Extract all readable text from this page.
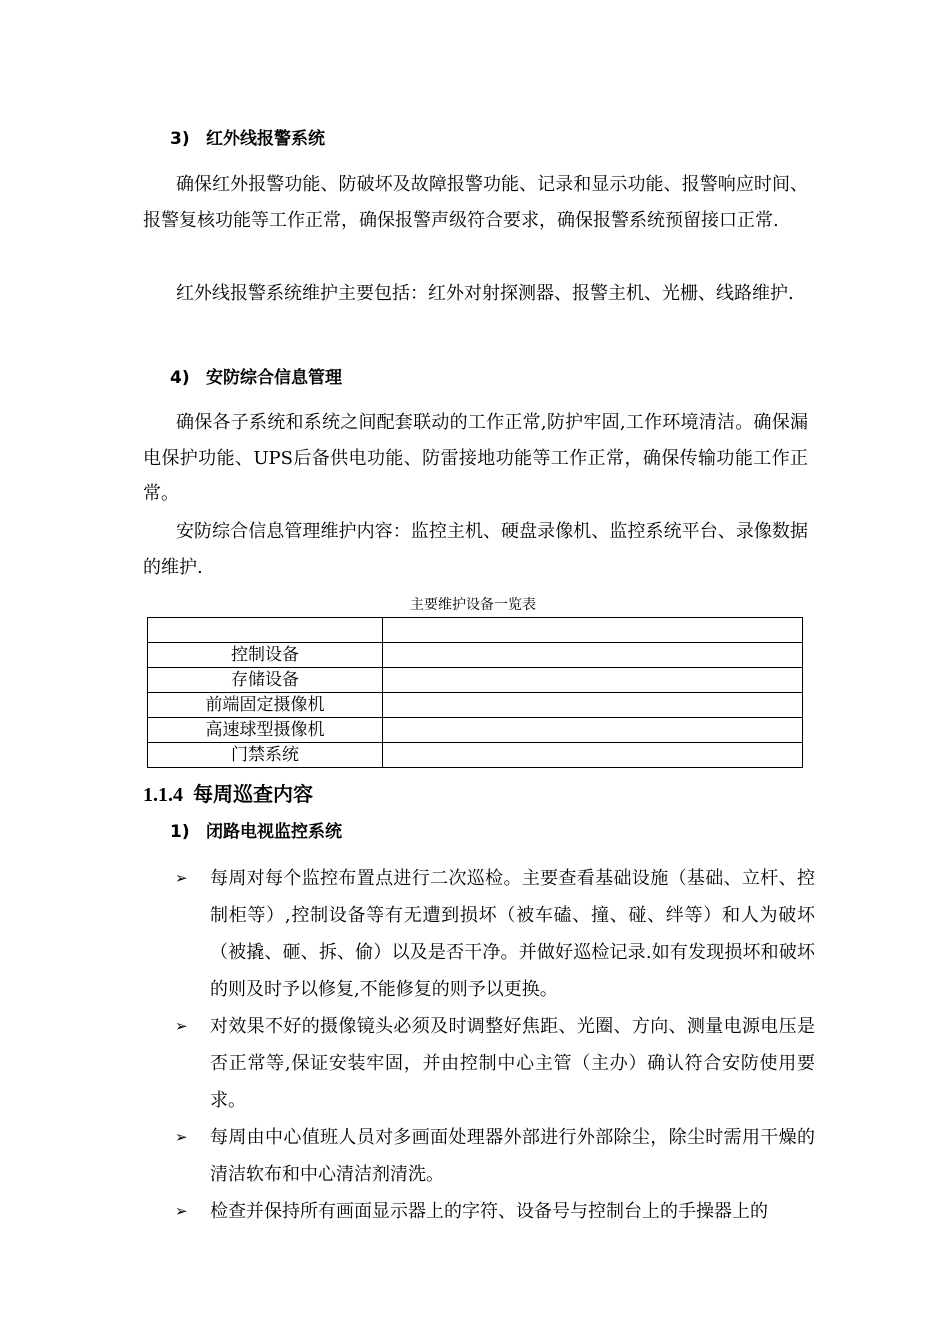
3) 红外线报警系统
确保红外报警功能、防破坏及故障报警功能、记录和显示功能、报警响应时间、报警复核功能等工作正常，确保报警声级符合要求，确保报警系统预留接口正常.
红外线报警系统维护主要包括：红外对射探测器、报警主机、光栅、线路维护.
4) 安防综合信息管理
确保各子系统和系统之间配套联动的工作正常,防护牢固,工作环境清洁。确保漏电保护功能、UPS后备供电功能、防雷接地功能等工作正常，确保传输功能工作正常。
安防综合信息管理维护内容：监控主机、硬盘录像机、监控系统平台、录像数据的维护.
主要维护设备一览表

控制设备	
存储设备	
前端固定摄像机	
高速球型摄像机	
门禁系统	
1.1.4 每周巡查内容
1) 闭路电视监控系统
➢ 每周对每个监控布置点进行二次巡检。主要查看基础设施（基础、立杆、控制柜等）,控制设备等有无遭到损坏（被车磕、撞、碰、绊等）和人为破坏（被撬、砸、拆、偷）以及是否干净。并做好巡检记录.如有发现损坏和破坏的则及时予以修复,不能修复的则予以更换。
➢ 对效果不好的摄像镜头必须及时调整好焦距、光圈、方向、测量电源电压是否正常等,保证安装牢固，并由控制中心主管（主办）确认符合安防使用要求。
➢ 每周由中心值班人员对多画面处理器外部进行外部除尘，除尘时需用干燥的清洁软布和中心清洁剂清洗。
➢ 检查并保持所有画面显示器上的字符、设备号与控制台上的手操器上的
